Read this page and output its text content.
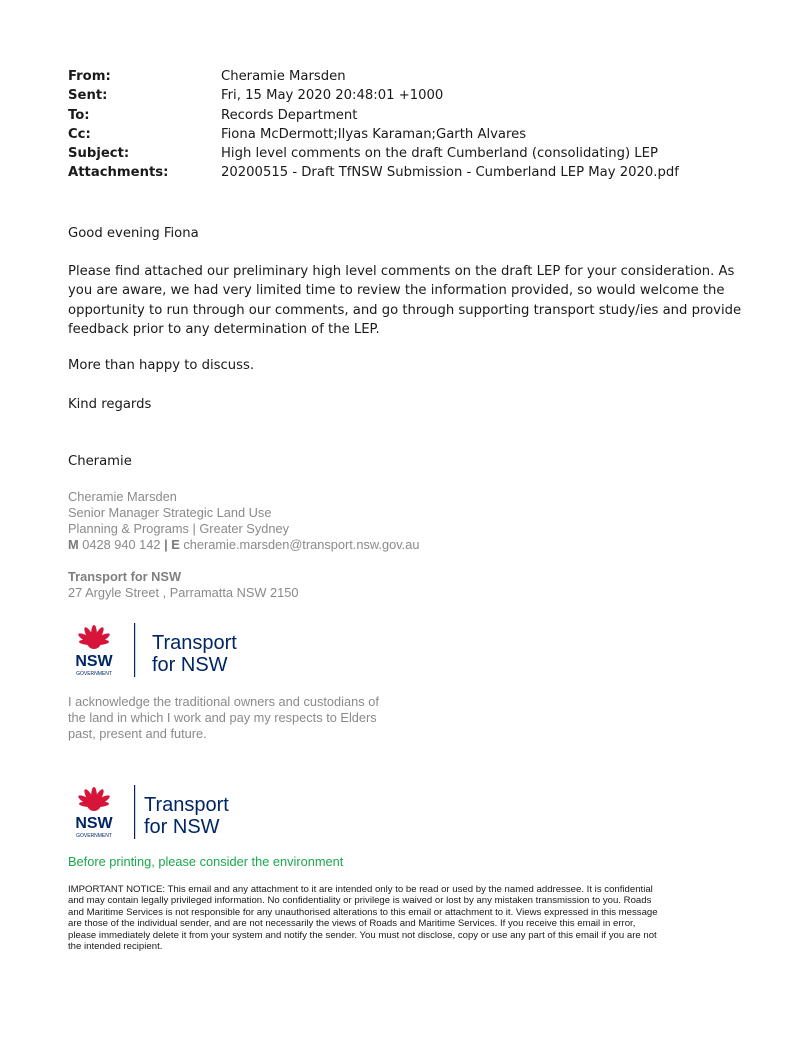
From:	Cheramie Marsden
Sent:	Fri, 15 May 2020 20:48:01 +1000
To:	Records Department
Cc:	Fiona McDermott;Ilyas Karaman;Garth Alvares
Subject:	High level comments on the draft Cumberland (consolidating) LEP
Attachments:	20200515 - Draft TfNSW Submission - Cumberland LEP May 2020.pdf
Good evening Fiona
Please find attached our preliminary high level comments on the draft LEP for your consideration. As
you are aware, we had very limited time to review the information provided, so would welcome the
opportunity to run through our comments, and go through supporting transport study/ies and provide
feedback prior to any determination of the LEP.
More than happy to discuss.
Kind regards
Cheramie
Cheramie Marsden
Senior Manager Strategic Land Use
Planning & Programs | Greater Sydney
M 0428 940 142 | E cheramie.marsden@transport.nsw.gov.au
Transport for NSW
27 Argyle Street , Parramatta NSW 2150
NSW
GOVERNMENT
Transport
for NSW
I acknowledge the traditional owners and custodians of
the land in which I work and pay my respects to Elders
past, present and future.
NSW
GOVERNMENT
Transport
for NSW
Before printing, please consider the environment
IMPORTANT NOTICE: This email and any attachment to it are intended only to be read or used by the named addressee. It is confidential
and may contain legally privileged information. No confidentiality or privilege is waived or lost by any mistaken transmission to you. Roads
and Maritime Services is not responsible for any unauthorised alterations to this email or attachment to it. Views expressed in this message
are those of the individual sender, and are not necessarily the views of Roads and Maritime Services. If you receive this email in error,
please immediately delete it from your system and notify the sender. You must not disclose, copy or use any part of this email if you are not
the intended recipient.
